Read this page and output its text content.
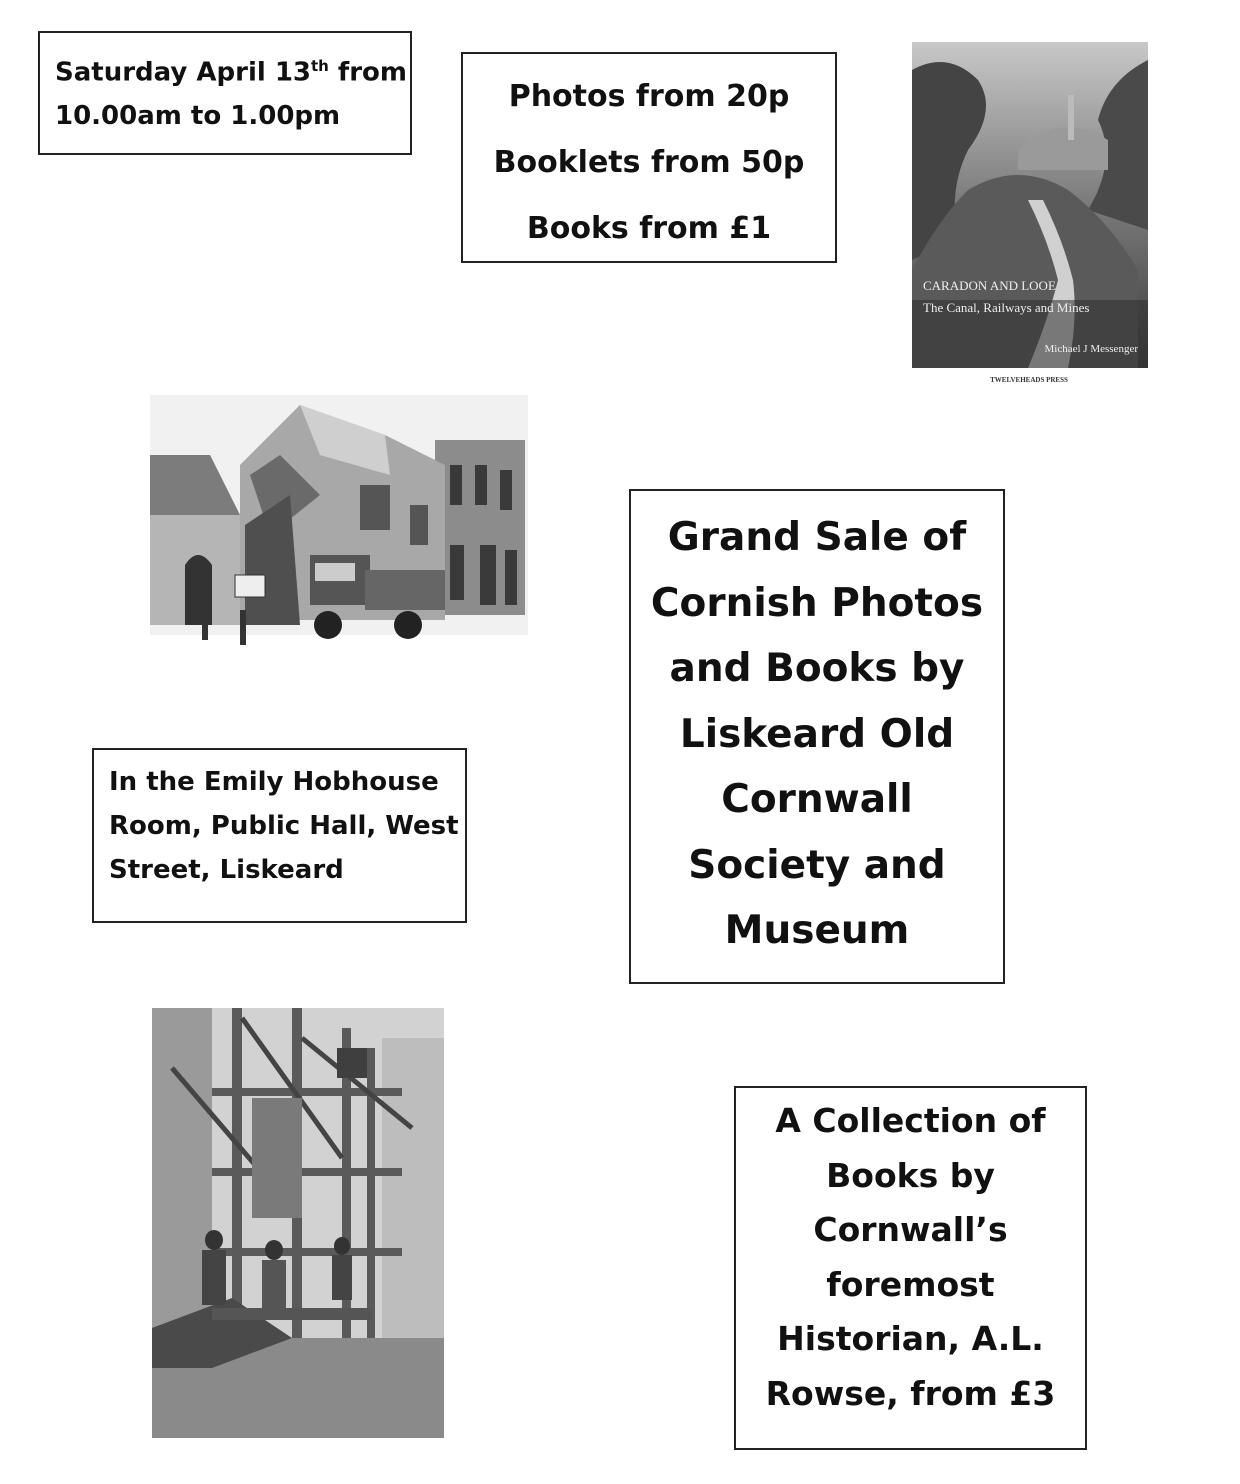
Saturday April 13th from
10.00am to 1.00pm
Photos from 20p
Booklets from 50p
Books from £1
CARADON AND LOOE
The Canal, Railways and Mines
Michael J Messenger
TWELVEHEADS PRESS
In the Emily Hobhouse
Room, Public Hall, West
Street, Liskeard
Grand Sale of
Cornish Photos
and Books by
Liskeard Old
Cornwall
Society and
Museum
A Collection of
Books by
Cornwall’s
foremost
Historian, A.L.
Rowse, from £3
